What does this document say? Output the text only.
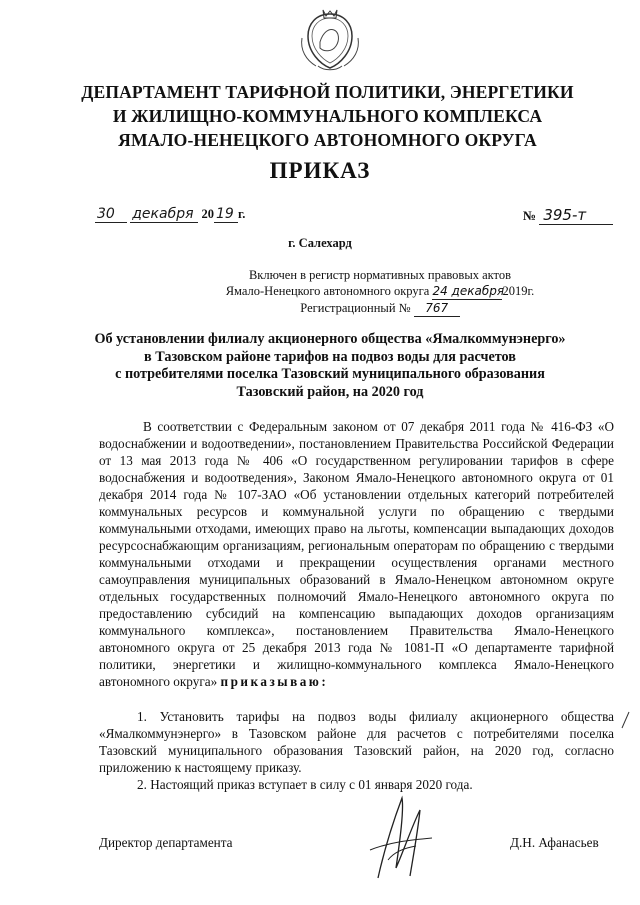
ДЕПАРТАМЕНТ ТАРИФНОЙ ПОЛИТИКИ, ЭНЕРГЕТИКИ
И ЖИЛИЩНО-КОММУНАЛЬНОГО КОМПЛЕКСА
ЯМАЛО-НЕНЕЦКОГО АВТОНОМНОГО ОКРУГА
ПРИКАЗ
30 декабря 20 19 г.	№ 395-т
г. Салехард
Включен в регистр нормативных правовых актов
Ямало-Ненецкого автономного округа 24 декабря2019г.
Регистрационный № 767
Об установлении филиалу акционерного общества «Ямалкоммунэнерго»
в Тазовском районе тарифов на подвоз воды для расчетов
с потребителями поселка Тазовский муниципального образования
Тазовский район, на 2020 год

В соответствии с Федеральным законом от 07 декабря 2011 года № 416-ФЗ «О водоснабжении и водоотведении», постановлением Правительства Российской Федерации от 13 мая 2013 года № 406 «О государственном регулировании тарифов в сфере водоснабжения и водоотведения», Законом Ямало-Ненецкого автономного округа от 01 декабря 2014 года № 107-ЗАО «Об установлении отдельных категорий потребителей коммунальных ресурсов и коммунальной услуги по обращению с твердыми коммунальными отходами, имеющих право на льготы, компенсации выпадающих доходов ресурсоснабжающим организациям, региональным операторам по обращению с твердыми коммунальными отходами и прекращении осуществления органами местного самоуправления муниципальных образований в Ямало-Ненецком автономном округе отдельных государственных полномочий Ямало-Ненецкого автономного округа по предоставлению субсидий на компенсацию выпадающих доходов организациям коммунального комплекса», постановлением Правительства Ямало-Ненецкого автономного округа от 25 декабря 2013 года № 1081-П «О департаменте тарифной политики, энергетики и жилищно-коммунального комплекса Ямало-Ненецкого автономного округа» приказываю:

1. Установить тарифы на подвоз воды филиалу акционерного общества «Ямалкоммунэнерго» в Тазовском районе для расчетов с потребителями поселка Тазовский муниципального образования Тазовский район, на 2020 год, согласно приложению к настоящему приказу.

2. Настоящий приказ вступает в силу с 01 января 2020 года.

Директор департамента	Д.Н. Афанасьев
